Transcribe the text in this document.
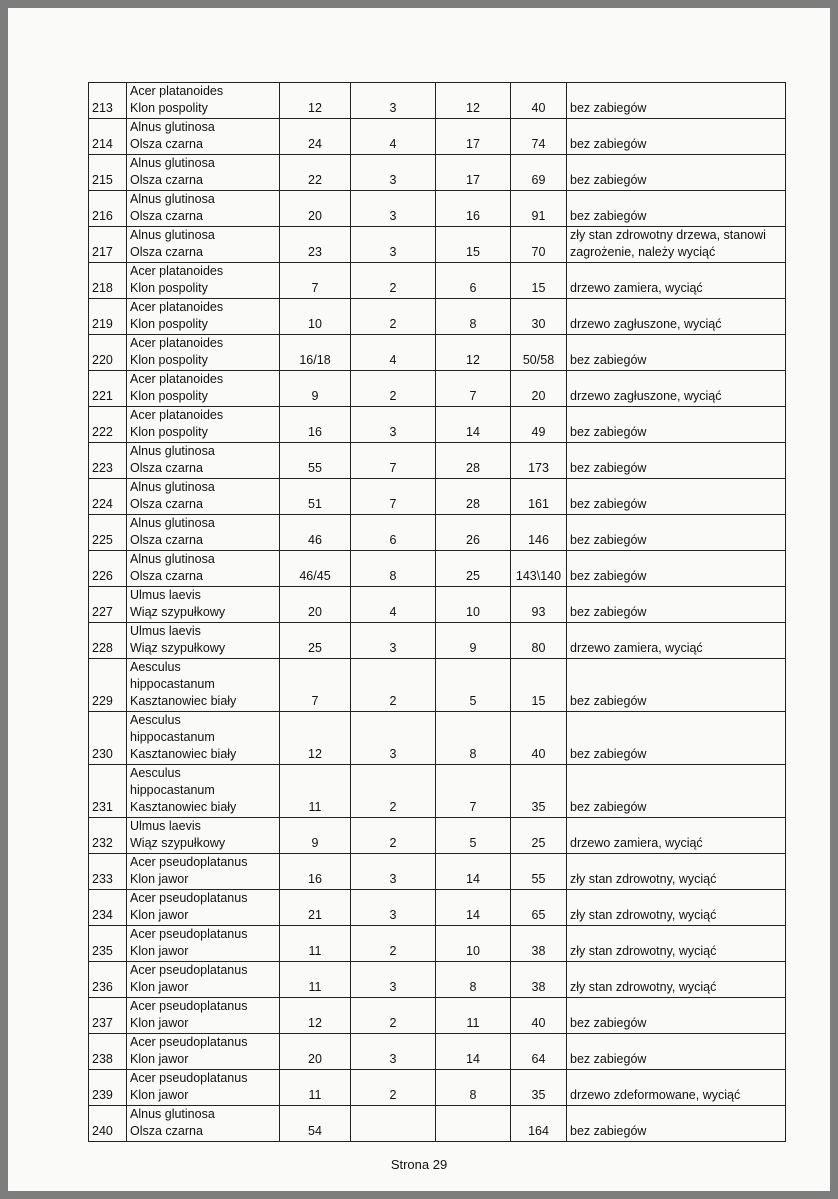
213	Acer platanoides
Klon pospolity	12	3	12	40	bez zabiegów
214	Alnus glutinosa
Olsza czarna	24	4	17	74	bez zabiegów
215	Alnus glutinosa
Olsza czarna	22	3	17	69	bez zabiegów
216	Alnus glutinosa
Olsza czarna	20	3	16	91	bez zabiegów
217	Alnus glutinosa
Olsza czarna	23	3	15	70	zły stan zdrowotny drzewa, stanowi zagrożenie, należy wyciąć
218	Acer platanoides
Klon pospolity	7	2	6	15	drzewo zamiera, wyciąć
219	Acer platanoides
Klon pospolity	10	2	8	30	drzewo zagłuszone, wyciąć
220	Acer platanoides
Klon pospolity	16/18	4	12	50/58	bez zabiegów
221	Acer platanoides
Klon pospolity	9	2	7	20	drzewo zagłuszone, wyciąć
222	Acer platanoides
Klon pospolity	16	3	14	49	bez zabiegów
223	Alnus glutinosa
Olsza czarna	55	7	28	173	bez zabiegów
224	Alnus glutinosa
Olsza czarna	51	7	28	161	bez zabiegów
225	Alnus glutinosa
Olsza czarna	46	6	26	146	bez zabiegów
226	Alnus glutinosa
Olsza czarna	46/45	8	25	143\140	bez zabiegów
227	Ulmus laevis
Wiąz szypułkowy	20	4	10	93	bez zabiegów
228	Ulmus laevis
Wiąz szypułkowy	25	3	9	80	drzewo zamiera, wyciąć
229	Aesculus
hippocastanum
Kasztanowiec biały	7	2	5	15	bez zabiegów
230	Aesculus
hippocastanum
Kasztanowiec biały	12	3	8	40	bez zabiegów
231	Aesculus
hippocastanum
Kasztanowiec biały	11	2	7	35	bez zabiegów
232	Ulmus laevis
Wiąz szypułkowy	9	2	5	25	drzewo zamiera, wyciąć
233	Acer pseudoplatanus
Klon jawor	16	3	14	55	zły stan zdrowotny, wyciąć
234	Acer pseudoplatanus
Klon jawor	21	3	14	65	zły stan zdrowotny, wyciąć
235	Acer pseudoplatanus
Klon jawor	11	2	10	38	zły stan zdrowotny, wyciąć
236	Acer pseudoplatanus
Klon jawor	11	3	8	38	zły stan zdrowotny, wyciąć
237	Acer pseudoplatanus
Klon jawor	12	2	11	40	bez zabiegów
238	Acer pseudoplatanus
Klon jawor	20	3	14	64	bez zabiegów
239	Acer pseudoplatanus
Klon jawor	11	2	8	35	drzewo zdeformowane, wyciąć
240	Alnus glutinosa
Olsza czarna	54			164	bez zabiegów
Strona 29
